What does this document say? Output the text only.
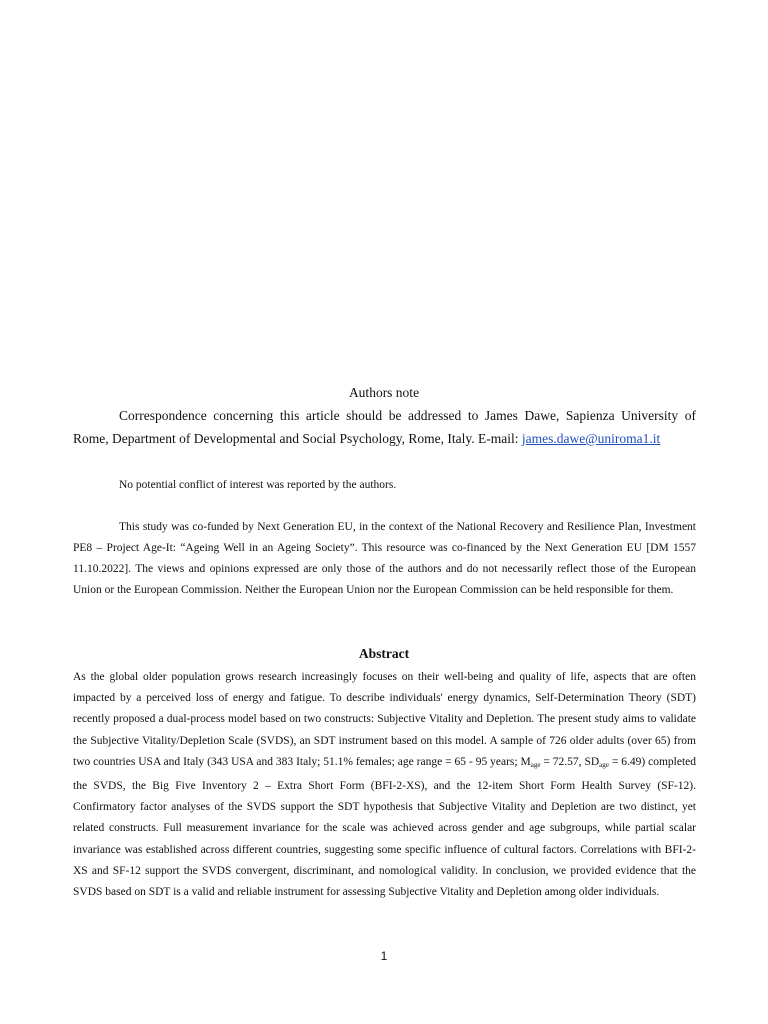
Authors note
Correspondence concerning this article should be addressed to James Dawe, Sapienza University of Rome, Department of Developmental and Social Psychology, Rome, Italy. E-mail: james.dawe@uniroma1.it
No potential conflict of interest was reported by the authors.
This study was co-funded by Next Generation EU, in the context of the National Recovery and Resilience Plan, Investment PE8 – Project Age-It: “Ageing Well in an Ageing Society”. This resource was co-financed by the Next Generation EU [DM 1557 11.10.2022]. The views and opinions expressed are only those of the authors and do not necessarily reflect those of the European Union or the European Commission. Neither the European Union nor the European Commission can be held responsible for them.
Abstract
As the global older population grows research increasingly focuses on their well-being and quality of life, aspects that are often impacted by a perceived loss of energy and fatigue. To describe individuals' energy dynamics, Self-Determination Theory (SDT) recently proposed a dual-process model based on two constructs: Subjective Vitality and Depletion. The present study aims to validate the Subjective Vitality/Depletion Scale (SVDS), an SDT instrument based on this model. A sample of 726 older adults (over 65) from two countries USA and Italy (343 USA and 383 Italy; 51.1% females; age range = 65 - 95 years; $M_{age} = 72.57$, $SD_{age} = 6.49$) completed the SVDS, the Big Five Inventory 2 – Extra Short Form (BFI-2-XS), and the 12-item Short Form Health Survey (SF-12). Confirmatory factor analyses of the SVDS support the SDT hypothesis that Subjective Vitality and Depletion are two distinct, yet related constructs. Full measurement invariance for the scale was achieved across gender and age subgroups, while partial scalar invariance was established across different countries, suggesting some specific influence of cultural factors. Correlations with BFI-2-XS and SF-12 support the SVDS convergent, discriminant, and nomological validity. In conclusion, we provided evidence that the SVDS based on SDT is a valid and reliable instrument for assessing Subjective Vitality and Depletion among older individuals.
1
